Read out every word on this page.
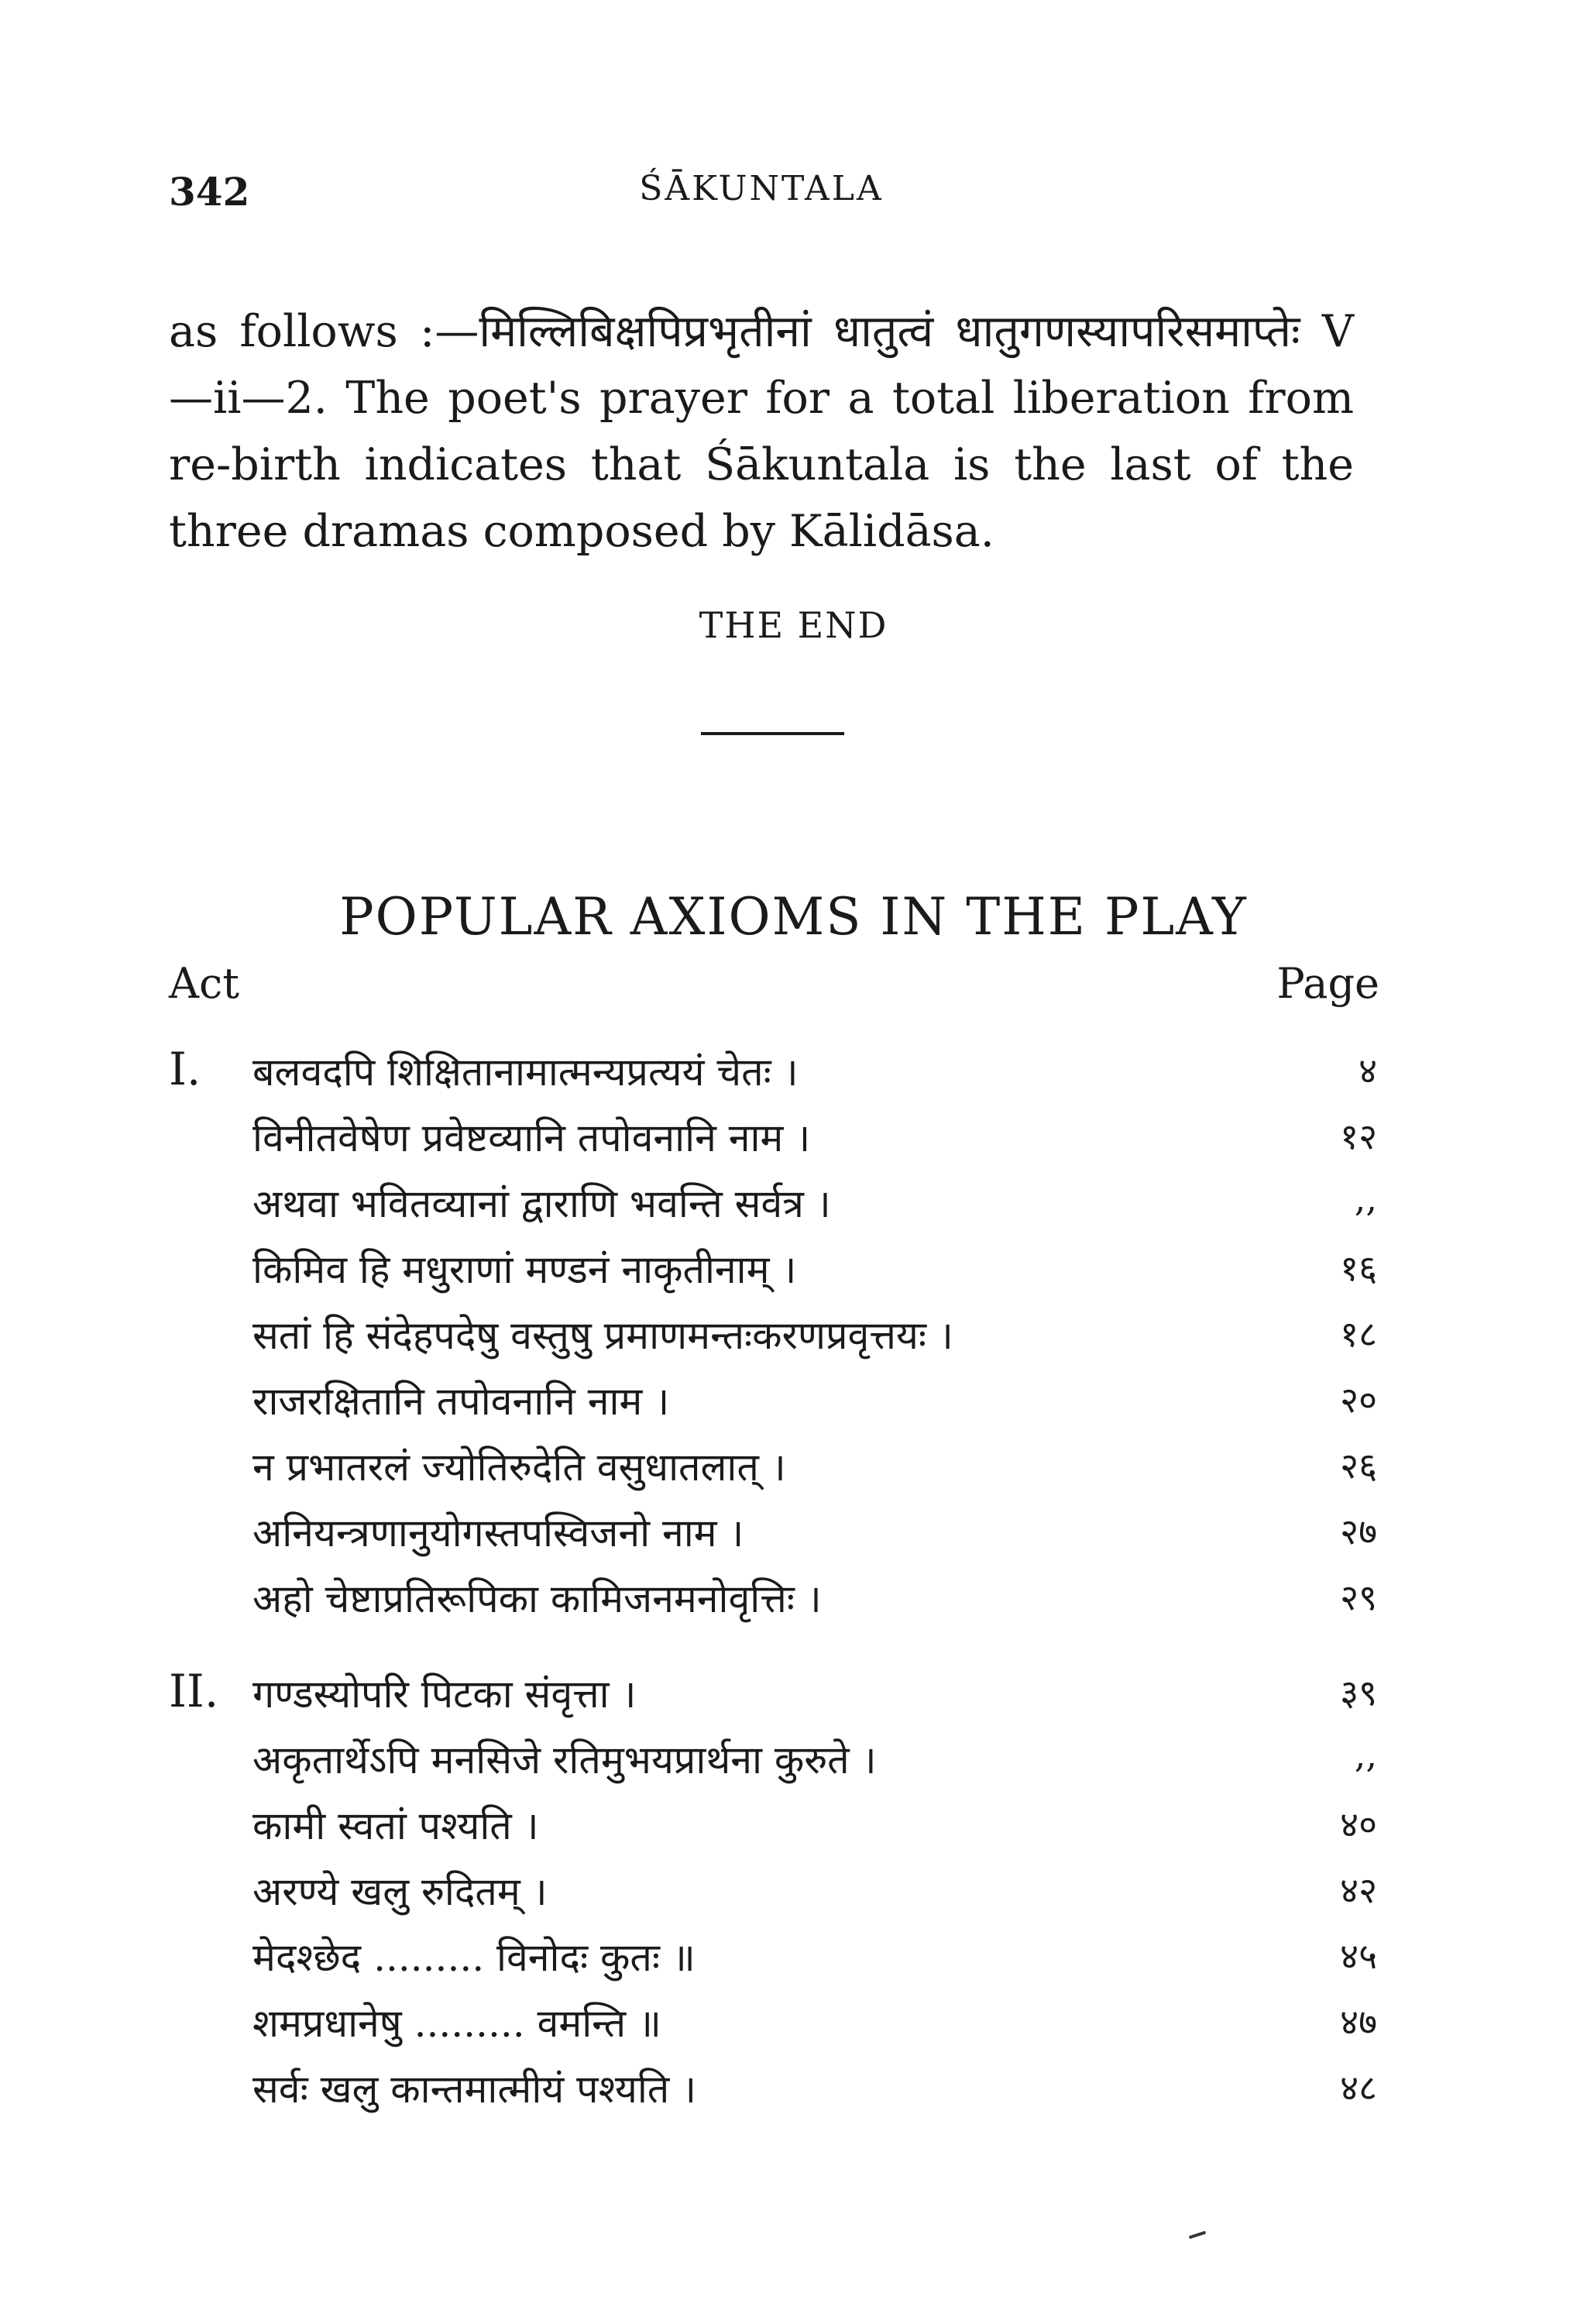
342	ŚĀKUNTALA

as follows :—मिल्लिबिक्षपिप्रभृतीनां धातुत्वं धातुगणस्यापरिसमाप्तेः V—ii—2. The poet's prayer for a total liberation from re-birth indicates that Śākuntala is the last of the three dramas composed by Kālidāsa.

THE END
POPULAR AXIOMS IN THE PLAY
Act	Page
I. बलवदपि शिक्षितानामात्मन्यप्रत्ययं चेतः ।	४
विनीतवेषेण प्रवेष्टव्यानि तपोवनानि नाम ।	१२
अथवा भवितव्यानां द्वाराणि भवन्ति सर्वत्र ।	,,
किमिव हि मधुराणां मण्डनं नाकृतीनाम् ।	१६
सतां हि संदेहपदेषु वस्तुषु प्रमाणमन्तःकरणप्रवृत्तयः ।	१८
राजरक्षितानि तपोवनानि नाम ।	२०
न प्रभातरलं ज्योतिरुदेति वसुधातलात् ।	२६
अनियन्त्रणानुयोगस्तपस्विजनो नाम ।	२७
अहो चेष्टाप्रतिरूपिका कामिजनमनोवृत्तिः ।	२९
II. गण्डस्योपरि पिटका संवृत्ता ।	३९
अकृतार्थेऽपि मनसिजे रतिमुभयप्रार्थना कुरुते ।	,,
कामी स्वतां पश्यति ।	४०
अरण्ये खलु रुदितम् ।	४२
मेदश्छेद ......... विनोदः कुतः ॥	४५
शमप्रधानेषु ......... वमन्ति ॥	४७
सर्वः खलु कान्तमात्मीयं पश्यति ।	४८
